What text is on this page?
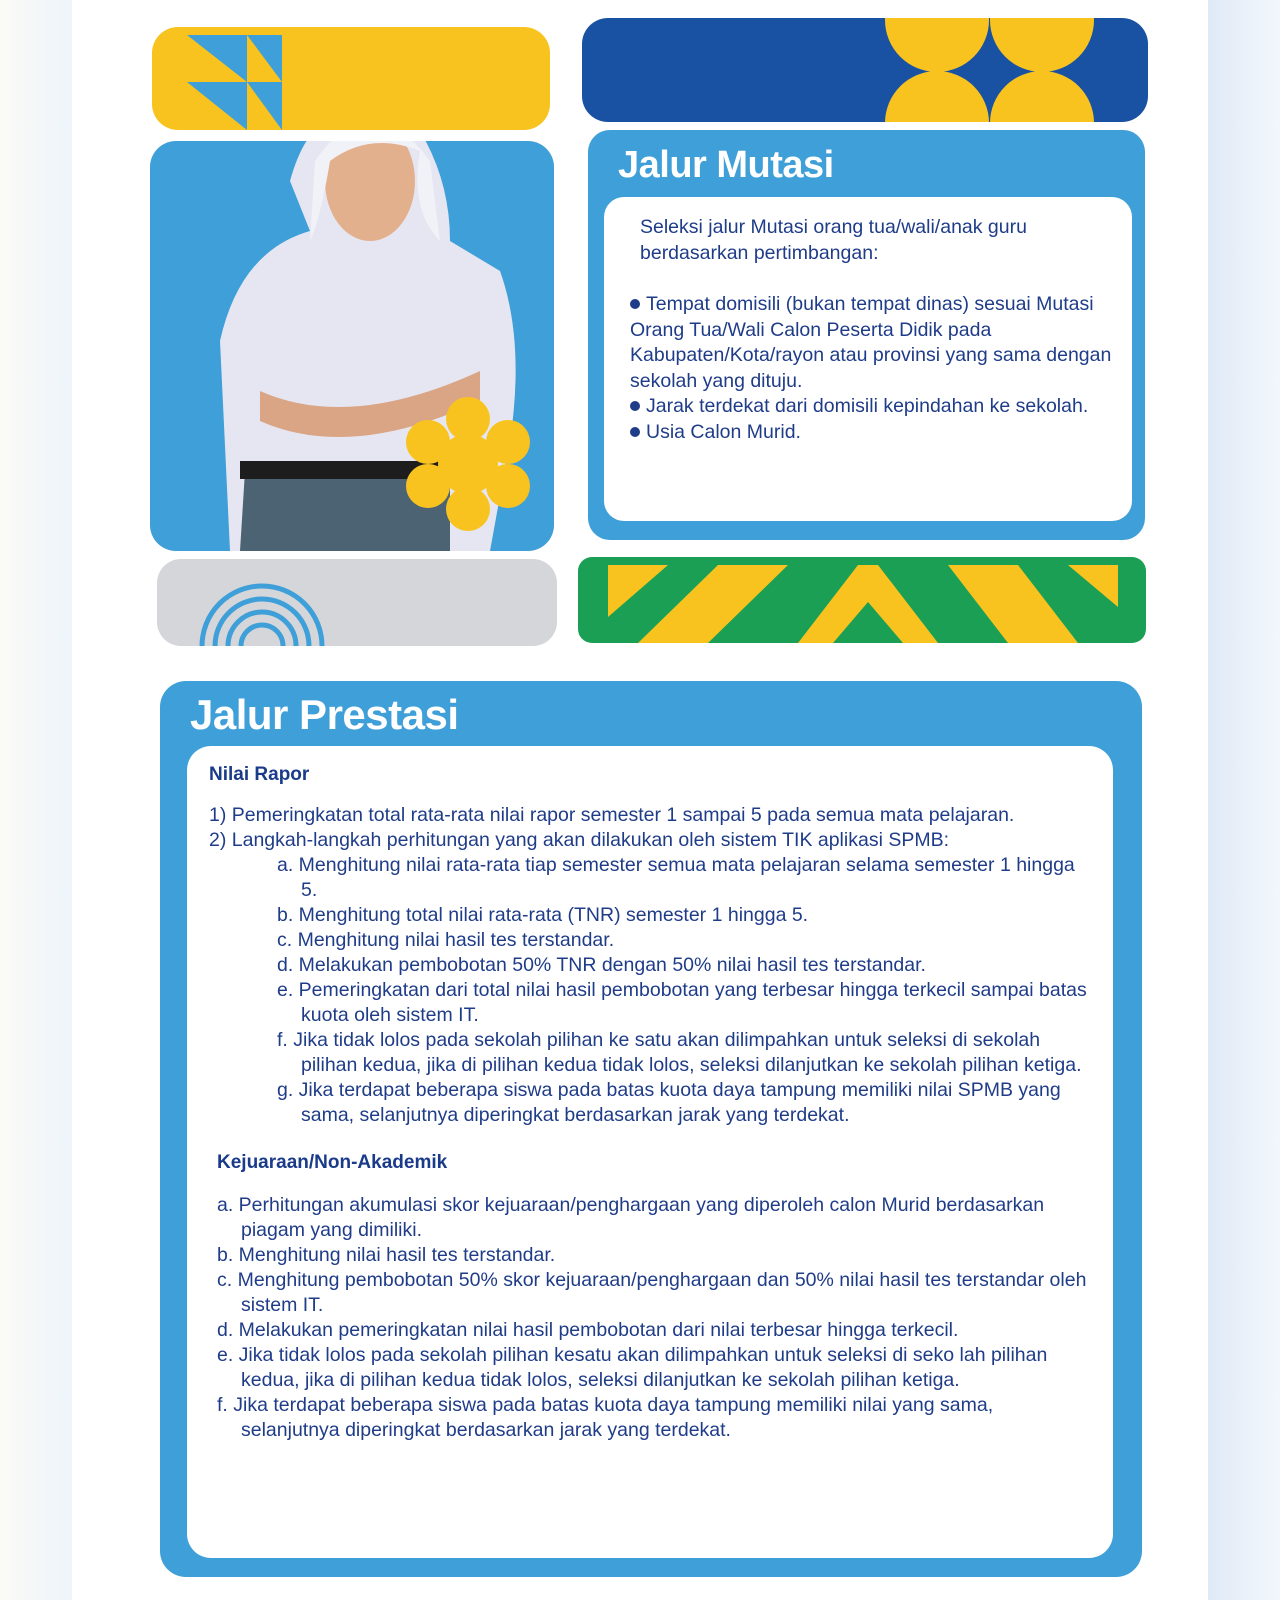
Jalur Mutasi

Seleksi jalur Mutasi orang tua/wali/anak guru berdasarkan pertimbangan:

Tempat domisili (bukan tempat dinas) sesuai Mutasi Orang Tua/Wali Calon Peserta Didik pada Kabupaten/Kota/rayon atau provinsi yang sama dengan sekolah yang dituju.

Jarak terdekat dari domisili kepindahan ke sekolah.

Usia Calon Murid.

Jalur Prestasi

Nilai Rapor

1) Pemeringkatan total rata-rata nilai rapor semester 1 sampai 5 pada semua mata pelajaran.

2) Langkah-langkah perhitungan yang akan dilakukan oleh sistem TIK aplikasi SPMB:

a. Menghitung nilai rata-rata tiap semester semua mata pelajaran selama semester 1 hingga 5.

b. Menghitung total nilai rata-rata (TNR) semester 1 hingga 5.

c. Menghitung nilai hasil tes terstandar.

d. Melakukan pembobotan 50% TNR dengan 50% nilai hasil tes terstandar.

e. Pemeringkatan dari total nilai hasil pembobotan yang terbesar hingga terkecil sampai batas kuota oleh sistem IT.

f. Jika tidak lolos pada sekolah pilihan ke satu akan dilimpahkan untuk seleksi di sekolah pilihan kedua, jika di pilihan kedua tidak lolos, seleksi dilanjutkan ke sekolah pilihan ketiga.

g. Jika terdapat beberapa siswa pada batas kuota daya tampung memiliki nilai SPMB yang sama, selanjutnya diperingkat berdasarkan jarak yang terdekat.

Kejuaraan/Non-Akademik

a. Perhitungan akumulasi skor kejuaraan/penghargaan yang diperoleh calon Murid berdasarkan piagam yang dimiliki.

b. Menghitung nilai hasil tes terstandar.

c. Menghitung pembobotan 50% skor kejuaraan/penghargaan dan 50% nilai hasil tes terstandar oleh sistem IT.

d. Melakukan pemeringkatan nilai hasil pembobotan dari nilai terbesar hingga terkecil.

e. Jika tidak lolos pada sekolah pilihan kesatu akan dilimpahkan untuk seleksi di seko lah pilihan kedua, jika di pilihan kedua tidak lolos, seleksi dilanjutkan ke sekolah pilihan ketiga.

f. Jika terdapat beberapa siswa pada batas kuota daya tampung memiliki nilai yang sama, selanjutnya diperingkat berdasarkan jarak yang terdekat.
